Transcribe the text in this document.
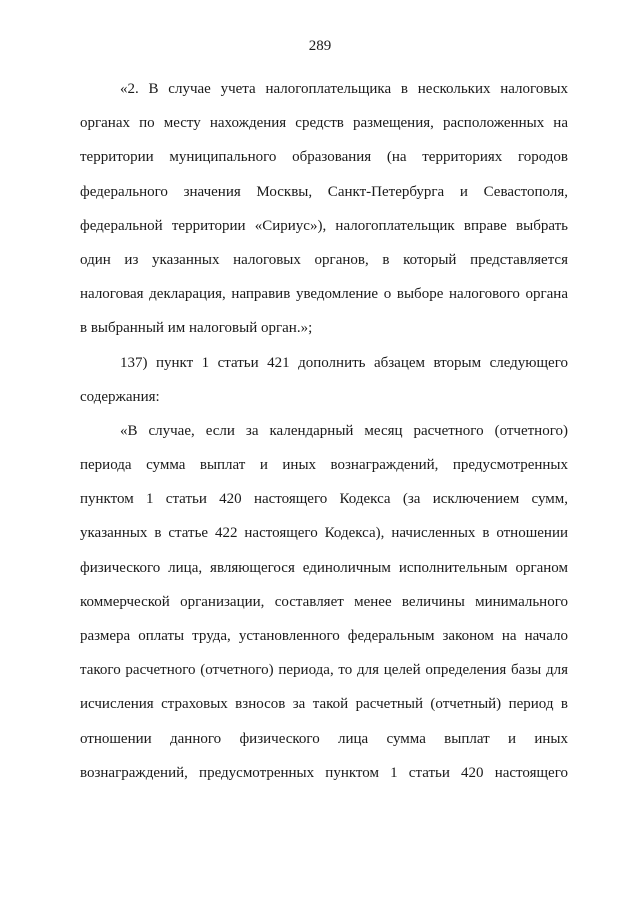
289
«2. В случае учета налогоплательщика в нескольких налоговых
органах по месту нахождения средств размещения, расположенных на
территории муниципального образования (на территориях городов
федерального значения Москвы, Санкт-Петербурга и Севастополя,
федеральной территории «Сириус»), налогоплательщик вправе выбрать
один из указанных налоговых органов, в который представляется
налоговая декларация, направив уведомление о выборе налогового органа
в выбранный им налоговый орган.»;
137) пункт 1 статьи 421 дополнить абзацем вторым следующего
содержания:
«В случае, если за календарный месяц расчетного (отчетного)
периода сумма выплат и иных вознаграждений, предусмотренных
пунктом 1 статьи 420 настоящего Кодекса (за исключением сумм,
указанных в статье 422 настоящего Кодекса), начисленных в отношении
физического лица, являющегося единоличным исполнительным органом
коммерческой организации, составляет менее величины минимального
размера оплаты труда, установленного федеральным законом на начало
такого расчетного (отчетного) периода, то для целей определения базы для
исчисления страховых взносов за такой расчетный (отчетный) период в
отношении данного физического лица сумма выплат и иных
вознаграждений, предусмотренных пунктом 1 статьи 420 настоящего
